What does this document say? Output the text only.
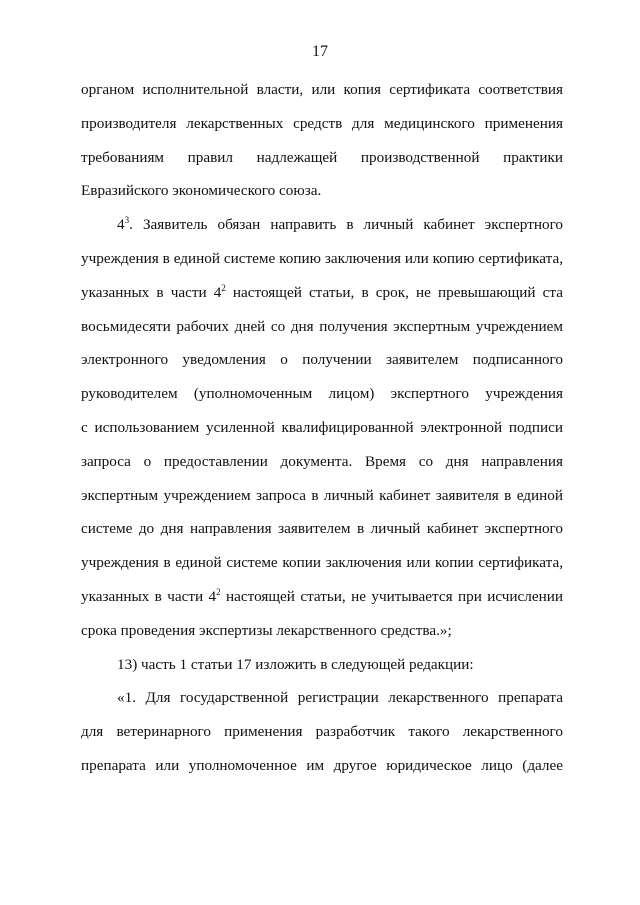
17
органом исполнительной власти, или копия сертификата соответствия
производителя лекарственных средств для медицинского применения
требованиям правил надлежащей производственной практики
Евразийского экономического союза.
$4^3$. Заявитель обязан направить в личный кабинет экспертного
учреждения в единой системе копию заключения или копию сертификата,
указанных в части $4^2$ настоящей статьи, в срок, не превышающий ста
восьмидесяти рабочих дней со дня получения экспертным учреждением
электронного уведомления о получении заявителем подписанного
руководителем (уполномоченным лицом) экспертного учреждения
с использованием усиленной квалифицированной электронной подписи
запроса о предоставлении документа. Время со дня направления
экспертным учреждением запроса в личный кабинет заявителя в единой
системе до дня направления заявителем в личный кабинет экспертного
учреждения в единой системе копии заключения или копии сертификата,
указанных в части $4^2$ настоящей статьи, не учитывается при исчислении
срока проведения экспертизы лекарственного средства.»;
13) часть 1 статьи 17 изложить в следующей редакции:
«1. Для государственной регистрации лекарственного препарата
для ветеринарного применения разработчик такого лекарственного
препарата или уполномоченное им другое юридическое лицо (далее
